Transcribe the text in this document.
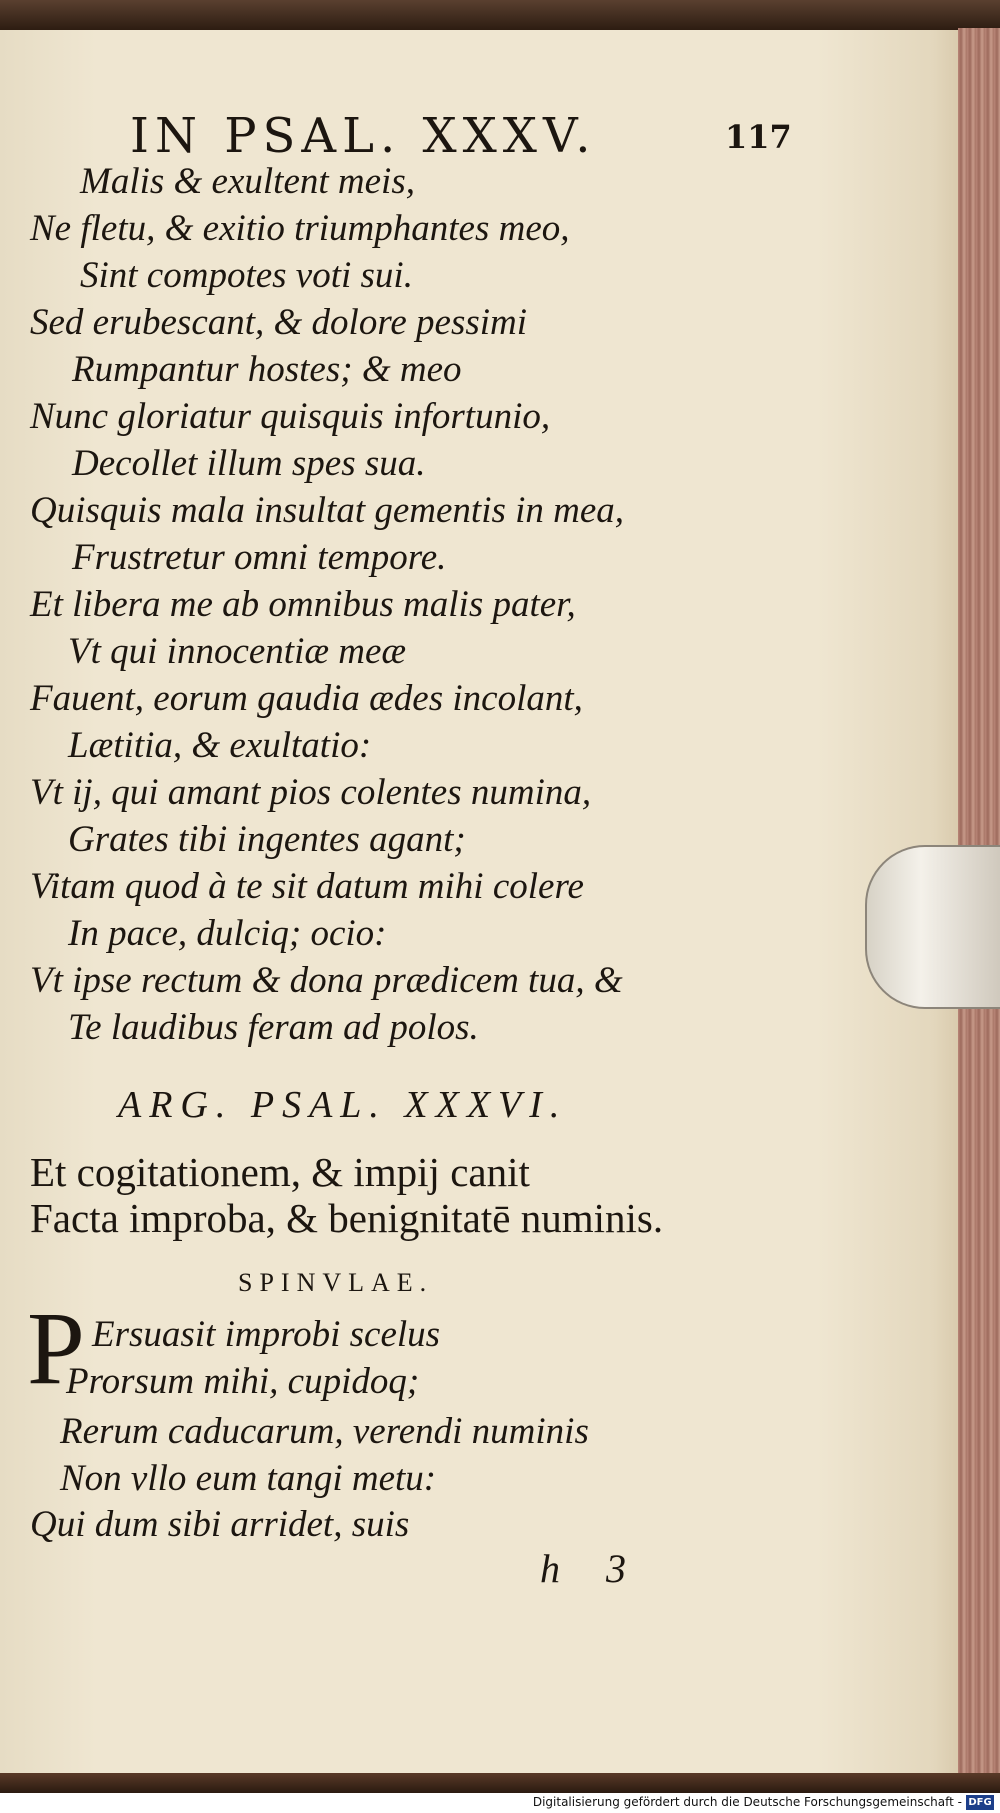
IN PSAL. XXXV.	117

Malis & exultent meis,

Ne fletu, & exitio triumphantes meo,

Sint compotes voti sui.

Sed erubescant, & dolore pessimi

Rumpantur hostes; & meo

Nunc gloriatur quisquis infortunio,

Decollet illum spes sua.

Quisquis mala insultat gementis in mea,

Frustretur omni tempore.

Et libera me ab omnibus malis pater,

Vt qui innocentiæ meæ

Fauent, eorum gaudia ædes incolant,

Lætitia, & exultatio:

Vt ij, qui amant pios colentes numina,

Grates tibi ingentes agant;

Vitam quod à te sit datum mihi colere

In pace, dulciq; ocio:

Vt ipse rectum & dona prædicem tua, &

Te laudibus feram ad polos.

ARG. PSAL. XXXVI.
Et cogitationem, & impij canit
Facta improba, & benignitatē numinis.
SPINVLAE.
P Ersuasit improbi scelus

Prorsum mihi, cupidoq;

Rerum caducarum, verendi numinis

Non vllo eum tangi metu:

Qui dum sibi arridet, suis

h 3
Digitalisierung gefördert durch die Deutsche Forschungsgemeinschaft - DFG
